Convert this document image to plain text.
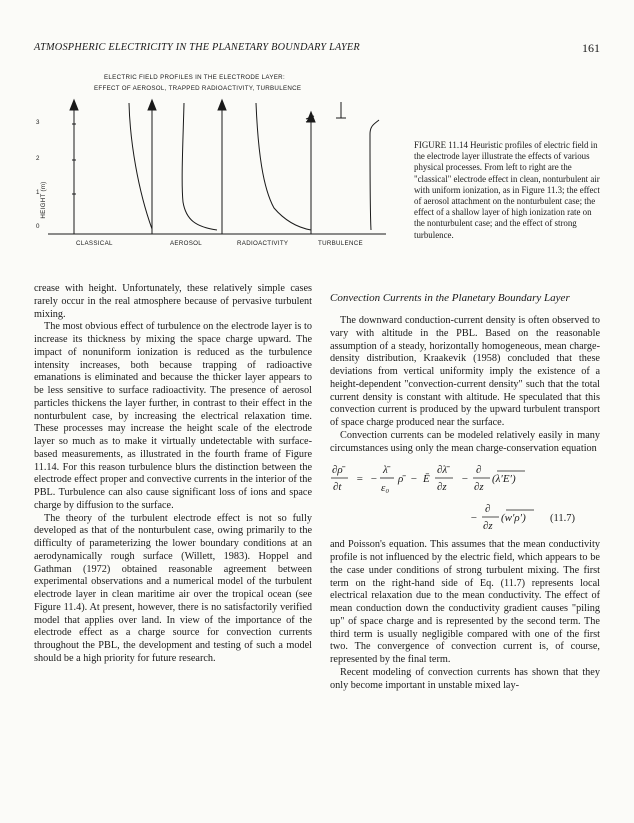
ATMOSPHERIC ELECTRICITY IN THE PLANETARY BOUNDARY LAYER	161
ELECTRIC FIELD PROFILES IN THE ELECTRODE LAYER:
EFFECT OF AEROSOL, TRAPPED RADIOACTIVITY, TURBULENCE
HEIGHT (m)
0
1
2
3
CLASSICAL	AEROSOL	RADIOACTIVITY	TURBULENCE
FIGURE 11.14 Heuristic profiles of electric field in the electrode layer illustrate the effects of various physical processes. From left to right are the "classical" electrode effect in clean, nonturbulent air with uniform ionization, as in Figure 11.3; the effect of aerosol attachment on the nonturbulent case; the effect of a shallow layer of high ionization rate on the nonturbulent case; and the effect of strong turbulence.

crease with height. Unfortunately, these relatively simple cases rarely occur in the real atmosphere because of pervasive turbulent mixing.

The most obvious effect of turbulence on the electrode layer is to increase its thickness by mixing the space charge upward. The impact of nonuniform ionization is reduced as the turbulence intensity increases, both because trapping of radioactive emanations is eliminated and because the thicker layer appears to be less sensitive to surface radioactivity. The presence of aerosol particles thickens the layer further, in contrast to their effect in the nonturbulent case, by increasing the electrical relaxation time. These processes may increase the height scale of the electrode layer so much as to make it virtually undetectable with surface-based measurements, as illustrated in the fourth frame of Figure 11.14. For this reason turbulence blurs the distinction between the electrode effect proper and convective currents in the interior of the PBL. Turbulence can also cause significant loss of ions and space charge by diffusion to the surface.

The theory of the turbulent electrode effect is not so fully developed as that of the nonturbulent case, owing primarily to the difficulty of parameterizing the lower boundary conditions at an aerodynamically rough surface (Willett, 1983). Hoppel and Gathman (1972) obtained reasonable agreement between experimental observations and a numerical model of the turbulent electrode layer in clean maritime air over the tropical ocean (see Figure 11.4). At present, however, there is no satisfactorily verified model that applies over land. In view of the importance of the electrode effect as a charge source for convection currents throughout the PBL, the development and testing of such a model should be a high priority for future research.

Convection Currents in the Planetary Boundary Layer

The downward conduction-current density is often observed to vary with altitude in the PBL. Based on the reasonable assumption of a steady, horizontally homogeneous, mean charge-density distribution, Kraakevik (1958) concluded that these deviations from vertical uniformity imply the existence of a height-dependent "convection-current density" such that the total current density is constant with altitude. He speculated that this convection current is produced by the upward turbulent transport of space charge produced near the surface.

Convection currents can be modeled relatively easily in many circumstances using only the mean charge-conservation equation

∂ρ̄
∂t
= −
λ̄
ε₀
ρ̄ − Ē
∂λ̄
∂z
−
∂
∂z
(λ′E′)
−
∂
∂z
(w′ρ′) (11.7)

and Poisson's equation. This assumes that the mean conductivity profile is not influenced by the electric field, which appears to be the case under conditions of strong turbulent mixing. The first term on the right-hand side of Eq. (11.7) represents local electrical relaxation due to the mean conductivity. The effect of mean conduction down the conductivity gradient causes "piling up" of space charge and is represented by the second term. The third term is usually negligible compared with one of the first two. The convergence of convection current is, of course, represented by the final term.

Recent modeling of convection currents has shown that they only become important in unstable mixed lay-
